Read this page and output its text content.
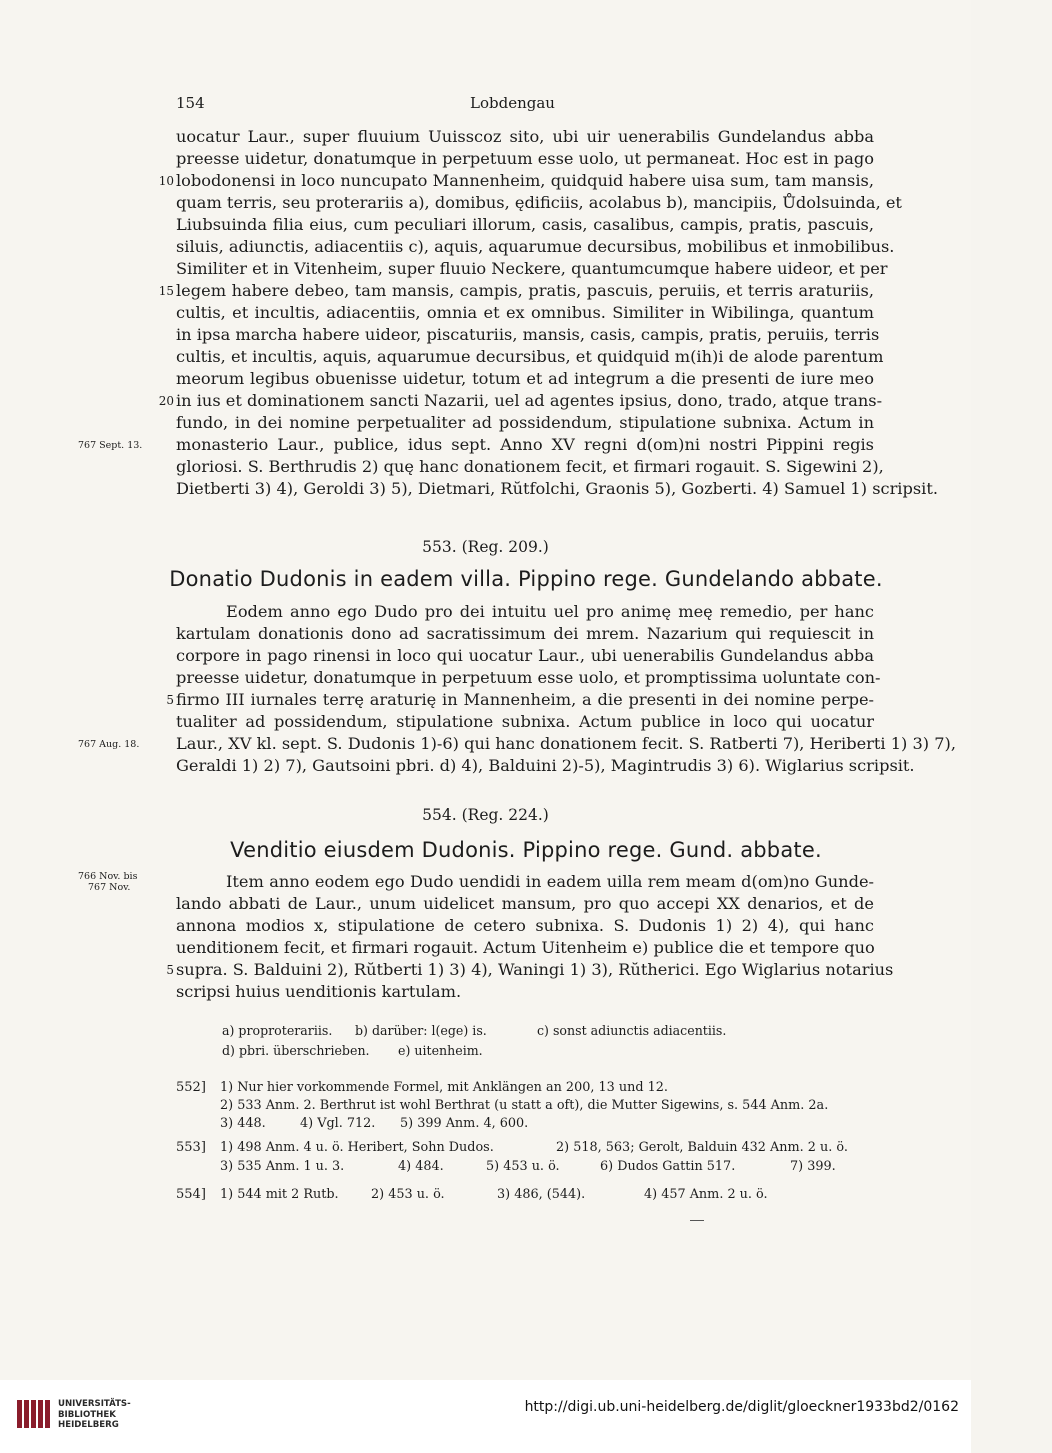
154	Lobdengau
uocatur Laur., super fluuium Uuisscoz sito, ubi uir uenerabilis Gundelandus abba
preesse uidetur, donatumque in perpetuum esse uolo, ut permaneat. Hoc est in pago
10 lobodonensi in loco nuncupato Mannenheim, quidquid habere uisa sum, tam mansis,
quam terris, seu proterariis a), domibus, ędificiis, acolabus b), mancipiis, Ůdolsuinda, et
Liubsuinda filia eius, cum peculiari illorum, casis, casalibus, campis, pratis, pascuis,
siluis, adiunctis, adiacentiis c), aquis, aquarumue decursibus, mobilibus et inmobilibus.
Similiter et in Vitenheim, super fluuio Neckere, quantumcumque habere uideor, et per
15 legem habere debeo, tam mansis, campis, pratis, pascuis, peruiis, et terris araturiis,
cultis, et incultis, adiacentiis, omnia et ex omnibus. Similiter in Wibilinga, quantum
in ipsa marcha habere uideor, piscaturiis, mansis, casis, campis, pratis, peruiis, terris
cultis, et incultis, aquis, aquarumue decursibus, et quidquid m(ih)i de alode parentum
meorum legibus obuenisse uidetur, totum et ad integrum a die presenti de iure meo
20 in ius et dominationem sancti Nazarii, uel ad agentes ipsius, dono, trado, atque trans-
fundo, in dei nomine perpetualiter ad possidendum, stipulatione subnixa. Actum in
monasterio Laur., publice, idus sept. Anno XV regni d(om)ni nostri Pippini regis
gloriosi. S. Berthrudis 2) quę hanc donationem fecit, et firmari rogauit. S. Sigewini 2),
Dietberti 3) 4), Geroldi 3) 5), Dietmari, Rŭtfolchi, Graonis 5), Gozberti. 4) Samuel 1) scripsit.
767 Sept. 13.
553. (Reg. 209.)
Donatio Dudonis in eadem villa. Pippino rege. Gundelando abbate.
Eodem anno ego Dudo pro dei intuitu uel pro animę meę remedio, per hanc
kartulam donationis dono ad sacratissimum dei mrem. Nazarium qui requiescit in
corpore in pago rinensi in loco qui uocatur Laur., ubi uenerabilis Gundelandus abba
preesse uidetur, donatumque in perpetuum esse uolo, et promptissima uoluntate con-
5 firmo III iurnales terrę araturię in Mannenheim, a die presenti in dei nomine perpe-
tualiter ad possidendum, stipulatione subnixa. Actum publice in loco qui uocatur
Laur., XV kl. sept. S. Dudonis 1)-6) qui hanc donationem fecit. S. Ratberti 7), Heriberti 1) 3) 7),
Geraldi 1) 2) 7), Gautsoini pbri. d) 4), Balduini 2)-5), Magintrudis 3) 6). Wiglarius scripsit.
767 Aug. 18.
554. (Reg. 224.)
Venditio eiusdem Dudonis. Pippino rege. Gund. abbate.
Item anno eodem ego Dudo uendidi in eadem uilla rem meam d(om)no Gunde-
lando abbati de Laur., unum uidelicet mansum, pro quo accepi XX denarios, et de
annona modios x, stipulatione de cetero subnixa. S. Dudonis 1) 2) 4), qui hanc
uenditionem fecit, et firmari rogauit. Actum Uitenheim e) publice die et tempore quo
5 supra. S. Balduini 2), Rŭtberti 1) 3) 4), Waningi 1) 3), Rŭtherici. Ego Wiglarius notarius
scripsi huius uenditionis kartulam.
766 Nov. bis
767 Nov.
a) proproterariis. b) darüber: l(ege) is.	c) sonst adiunctis adiacentiis.
d) pbri. überschrieben. e) uitenheim.
552] 1) Nur hier vorkommende Formel, mit Anklängen an 200, 13 und 12.
2) 533 Anm. 2. Berthrut ist wohl Berthrat (u statt a oft), die Mutter Sigewins, s. 544 Anm. 2a.
3) 448.	4) Vgl. 712. 5) 399 Anm. 4, 600.
553] 1) 498 Anm. 4 u. ö. Heribert, Sohn Dudos.	2) 518, 563; Gerolt, Balduin 432 Anm. 2 u. ö.
3) 535 Anm. 1 u. 3.	4) 484.	5) 453 u. ö.	6) Dudos Gattin 517.	7) 399.
554] 1) 544 mit 2 Rutb.	2) 453 u. ö.	3) 486, (544).	4) 457 Anm. 2 u. ö.
UNIVERSITÄTS-
BIBLIOTHEK
HEIDELBERG
http://digi.ub.uni-heidelberg.de/diglit/gloeckner1933bd2/0162
